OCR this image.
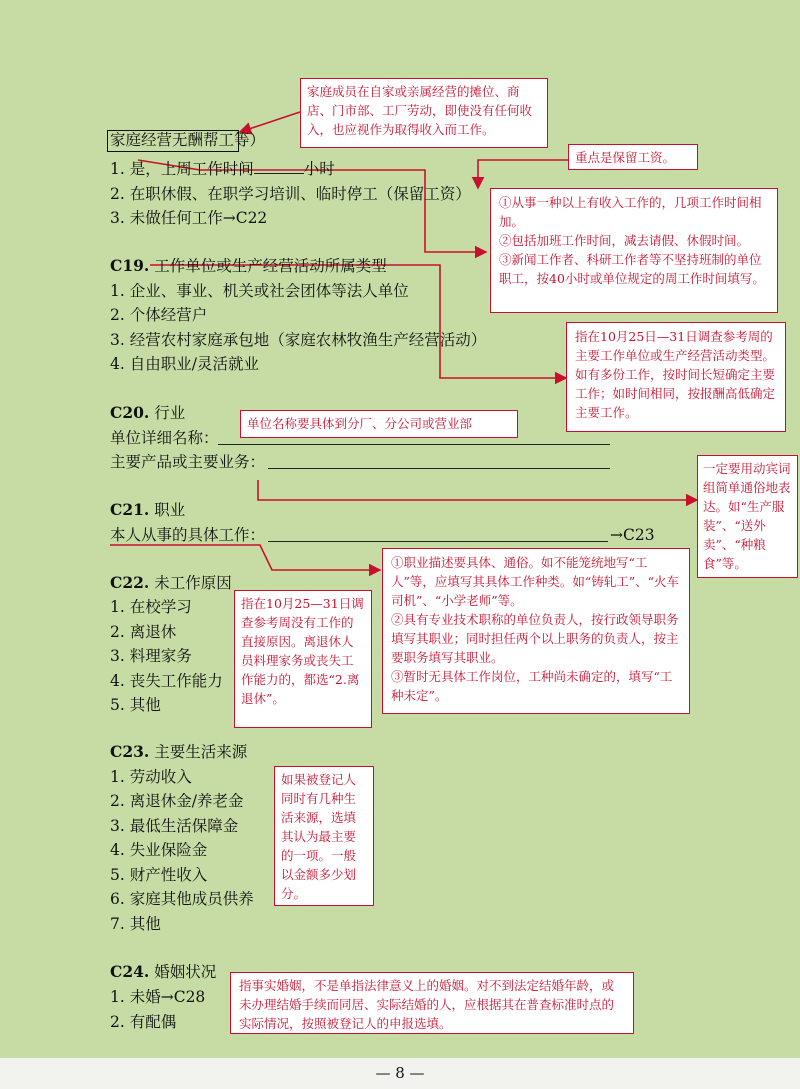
家庭经营无酬帮工等）
1. 是，上周工作时间	小时
2. 在职休假、在职学习培训、临时停工（保留工资）
3. 未做任何工作→C22
C19. 工作单位或生产经营活动所属类型
1. 企业、事业、机关或社会团体等法人单位
2. 个体经营户
3. 经营农村家庭承包地（家庭农林牧渔生产经营活动）
4. 自由职业/灵活就业
C20. 行业
单位详细名称：
主要产品或主要业务：
C21. 职业
本人从事的具体工作：	→C23
C22. 未工作原因
1. 在校学习
2. 离退休
3. 料理家务
4. 丧失工作能力
5. 其他
C23. 主要生活来源
1. 劳动收入
2. 离退休金/养老金
3. 最低生活保障金
4. 失业保险金
5. 财产性收入
6. 家庭其他成员供养
7. 其他
C24. 婚姻状况
1. 未婚→C28
2. 有配偶

家庭成员在自家或亲属经营的摊位、商店、门市部、工厂劳动，即使没有任何收入，也应视作为取得收入而工作。

重点是保留工资。

①从事一种以上有收入工作的，几项工作时间相加。

②包括加班工作时间，减去请假、休假时间。

③新闻工作者、科研工作者等不坚持班制的单位职工，按40小时或单位规定的周工作时间填写。

指在10月25日—31日调查参考周的主要工作单位或生产经营活动类型。如有多份工作，按时间长短确定主要工作；如时间相同，按报酬高低确定主要工作。

单位名称要具体到分厂、分公司或营业部

一定要用动宾词组简单通俗地表达。如“生产服装”、“送外卖”、“种粮食”等。

①职业描述要具体、通俗。如不能笼统地写“工人”等，应填写其具体工作种类。如“铸轧工”、“火车司机”、“小学老师”等。

②具有专业技术职称的单位负责人，按行政领导职务填写其职业；同时担任两个以上职务的负责人，按主要职务填写其职业。

③暂时无具体工作岗位，工种尚未确定的，填写“工种未定”。

指在10月25—31日调查参考周没有工作的直接原因。离退休人员料理家务或丧失工作能力的，都选“2.离退休”。

如果被登记人同时有几种生活来源，选填其认为最主要的一项。一般以金额多少划分。

指事实婚姻，不是单指法律意义上的婚姻。对不到法定结婚年龄，或未办理结婚手续而同居、实际结婚的人，应根据其在普查标准时点的实际情况，按照被登记人的申报选填。

— 8 —
